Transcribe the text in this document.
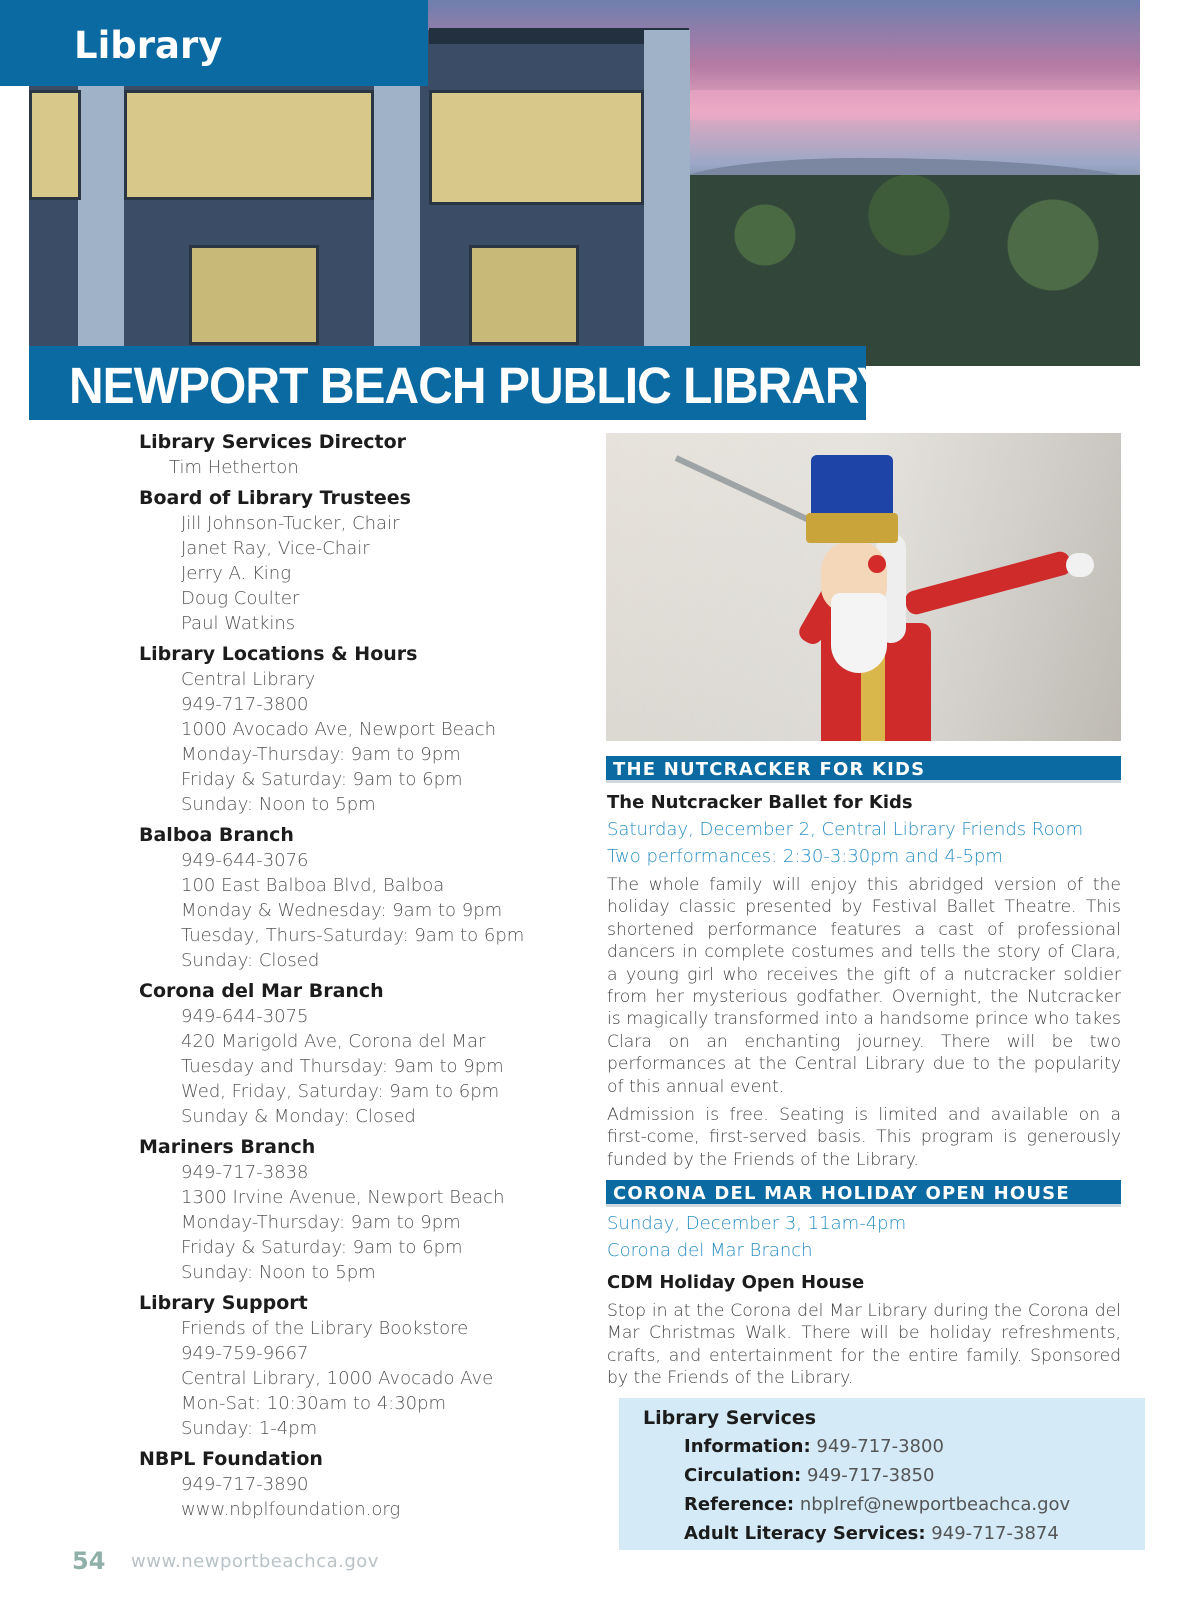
Library
NEWPORT BEACH PUBLIC LIBRARY
Library Services Director
Tim Hetherton
Board of Library Trustees
Jill Johnson-Tucker, Chair
Janet Ray, Vice-Chair
Jerry A. King
Doug Coulter
Paul Watkins
Library Locations & Hours
Central Library
949-717-3800
1000 Avocado Ave, Newport Beach
Monday-Thursday: 9am to 9pm
Friday & Saturday: 9am to 6pm
Sunday: Noon to 5pm
Balboa Branch
949-644-3076
100 East Balboa Blvd, Balboa
Monday & Wednesday: 9am to 9pm
Tuesday, Thurs-Saturday: 9am to 6pm
Sunday: Closed
Corona del Mar Branch
949-644-3075
420 Marigold Ave, Corona del Mar
Tuesday and Thursday: 9am to 9pm
Wed, Friday, Saturday: 9am to 6pm
Sunday & Monday: Closed
Mariners Branch
949-717-3838
1300 Irvine Avenue, Newport Beach
Monday-Thursday: 9am to 9pm
Friday & Saturday: 9am to 6pm
Sunday: Noon to 5pm
Library Support
Friends of the Library Bookstore
949-759-9667
Central Library, 1000 Avocado Ave
Mon-Sat: 10:30am to 4:30pm
Sunday: 1-4pm
NBPL Foundation
949-717-3890
www.nbplfoundation.org
THE NUTCRACKER FOR KIDS
The Nutcracker Ballet for Kids
Saturday, December 2, Central Library Friends Room
Two performances: 2:30-3:30pm and 4-5pm
The whole family will enjoy this abridged version of the holiday classic presented by Festival Ballet Theatre. This shortened performance features a cast of professional dancers in complete costumes and tells the story of Clara, a young girl who receives the gift of a nutcracker soldier from her mysterious godfather. Overnight, the Nutcracker is magically transformed into a handsome prince who takes Clara on an enchanting journey. There will be two performances at the Central Library due to the popularity of this annual event.
Admission is free. Seating is limited and available on a first-come, first-served basis. This program is generously funded by the Friends of the Library.
CORONA DEL MAR HOLIDAY OPEN HOUSE
Sunday, December 3, 11am-4pm
Corona del Mar Branch
CDM Holiday Open House
Stop in at the Corona del Mar Library during the Corona del Mar Christmas Walk. There will be holiday refreshments, crafts, and entertainment for the entire family. Sponsored by the Friends of the Library.
Library Services
Information: 949-717-3800
Circulation: 949-717-3850
Reference: nbplref@newportbeachca.gov
Adult Literacy Services: 949-717-3874
54 www.newportbeachca.gov
